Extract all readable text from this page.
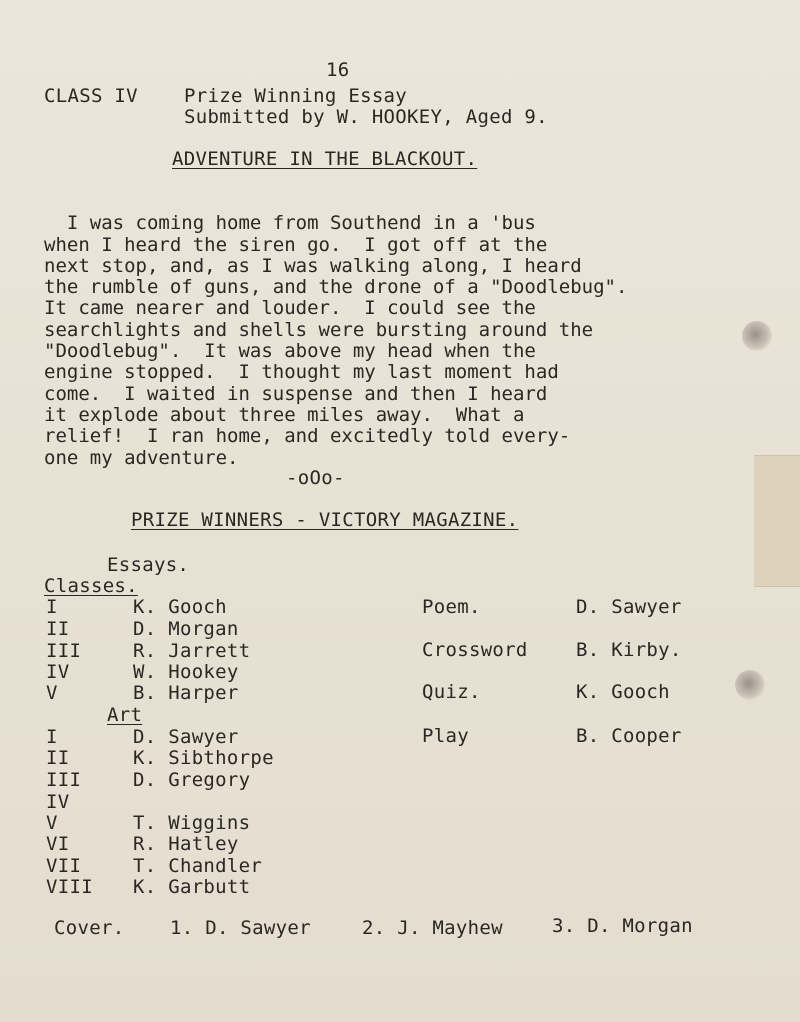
16
CLASS IV Prize Winning Essay
Submitted by W. HOOKEY, Aged 9.
ADVENTURE IN THE BLACKOUT.

I was coming home from Southend in a 'bus
when I heard the siren go.  I got off at the
next stop, and, as I was walking along, I heard
the rumble of guns, and the drone of a "Doodlebug".
It came nearer and louder.  I could see the
searchlights and shells were bursting around the
"Doodlebug".  It was above my head when the
engine stopped.  I thought my last moment had
come.  I waited in suspense and then I heard
it explode about three miles away.  What a
relief!  I ran home, and excitedly told every-
one my adventure.

-oOo-
PRIZE WINNERS - VICTORY MAGAZINE.
Essays.
Classes.
I	K. Gooch
II	D. Morgan
III	R. Jarrett
IV	W. Hookey
V	B. Harper
Art
I	D. Sawyer
II	K. Sibthorpe
III	D. Gregory
IV
V	T. Wiggins
VI	R. Hatley
VII	T. Chandler
VIII K. Garbutt
Poem.	D. Sawyer
Crossword	B. Kirby.
Quiz.	K. Gooch
Play	B. Cooper
Cover. 1. D. Sawyer	2. J. Mayhew	3. D. Morgan
